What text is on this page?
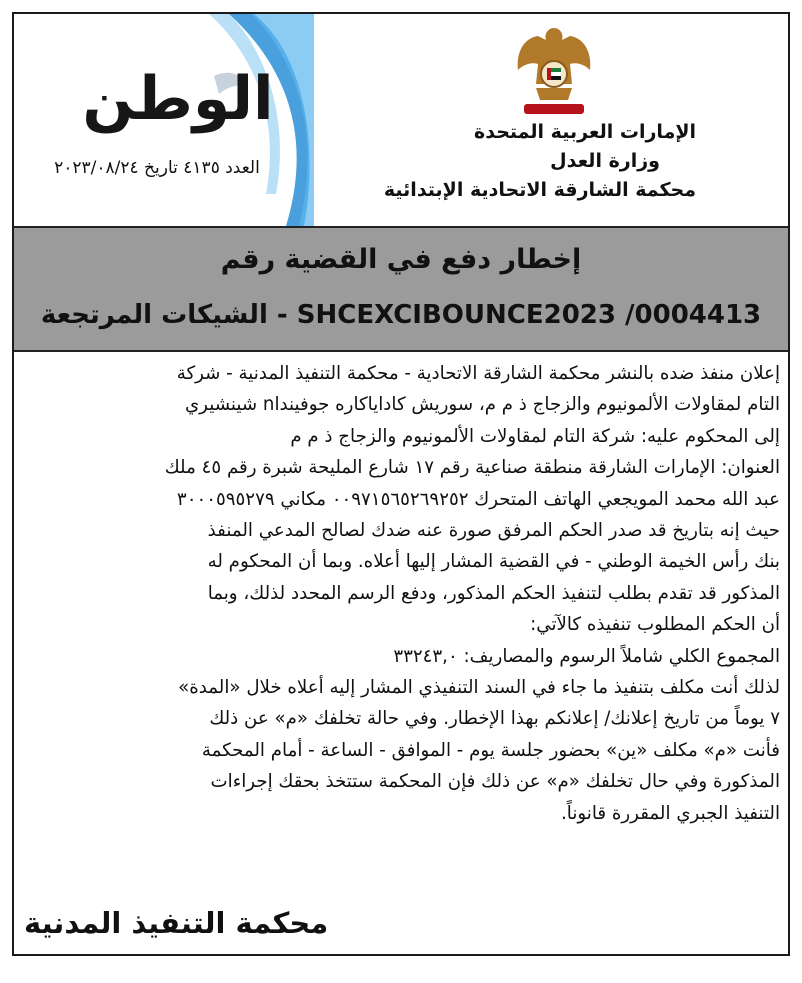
الوطن
العدد ٤١٣٥ تاريخ ٢٠٢٣/٠٨/٢٤
الإمارات العربية المتحدة
وزارة العدل
محكمة الشارقة الاتحادية الإبتدائية
إخطار دفع في القضية رقم
SHCEXCIBOUNCE2023 /0004413 - الشيكات المرتجعة

إعلان منفذ ضده بالنشر محكمة الشارقة الاتحادية - محكمة التنفيذ المدنية - شركة

التام لمقاولات الألمونيوم والزجاج ذ م م، سوريش كاداياكاره جوفينداn شينشيري

إلى المحكوم عليه: شركة التام لمقاولات الألمونيوم والزجاج ذ م م

العنوان: الإمارات الشارقة منطقة صناعية رقم ١٧ شارع المليحة شبرة رقم ٤٥ ملك

عبد الله محمد المويجعي الهاتف المتحرك ٠٠٩٧١٥٦٥٢٦٩٢٥٢ مكاني ٣٠٠٠٥٩٥٢٧٩

حيث إنه بتاريخ قد صدر الحكم المرفق صورة عنه ضدك لصالح المدعي المنفذ

بنك رأس الخيمة الوطني - في القضية المشار إليها أعلاه. وبما أن المحكوم له

المذكور قد تقدم بطلب لتنفيذ الحكم المذكور، ودفع الرسم المحدد لذلك، وبما

أن الحكم المطلوب تنفيذه كالآتي:

المجموع الكلي شاملاً الرسوم والمصاريف: ٣٣٢٤٣,٠

لذلك أنت مكلف بتنفيذ ما جاء في السند التنفيذي المشار إليه أعلاه خلال «المدة»

٧ يوماً من تاريخ إعلانك/ إعلانكم بهذا الإخطار. وفي حالة تخلفك «م» عن ذلك

فأنت «م» مكلف «ين» بحضور جلسة يوم - الموافق - الساعة - أمام المحكمة

المذكورة وفي حال تخلفك «م» عن ذلك فإن المحكمة ستتخذ بحقك إجراءات

التنفيذ الجبري المقررة قانوناً.

محكمة التنفيذ المدنية
